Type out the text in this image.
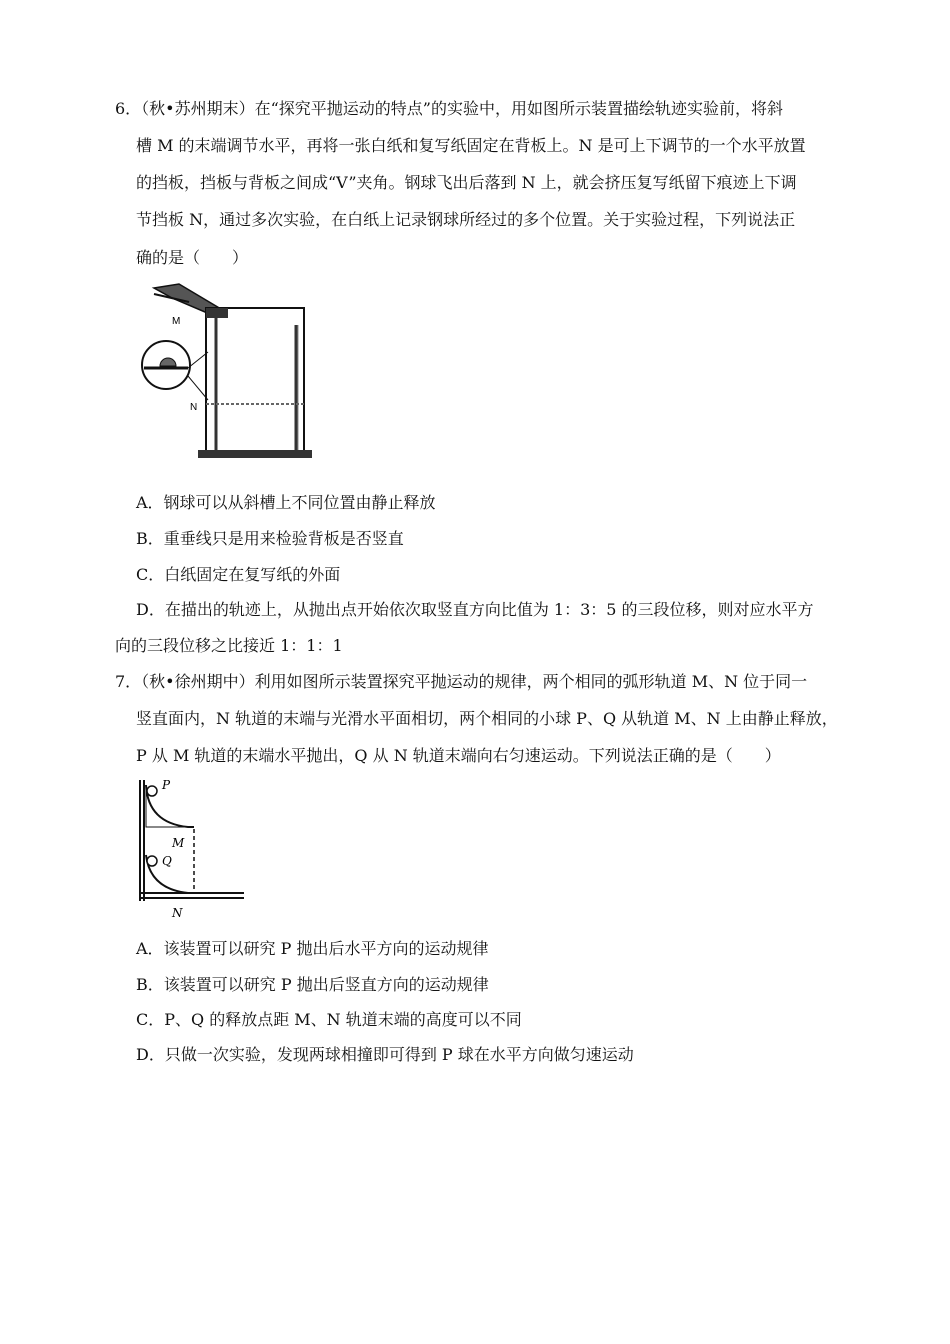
6．（秋•苏州期末）在“探究平抛运动的特点”的实验中，用如图所示装置描绘轨迹实验前，将斜
槽 M 的末端调节水平，再将一张白纸和复写纸固定在背板上。N 是可上下调节的一个水平放置
的挡板，挡板与背板之间成“V”夹角。钢球飞出后落到 N 上，就会挤压复写纸留下痕迹上下调
节挡板 N，通过多次实验，在白纸上记录钢球所经过的多个位置。关于实验过程，下列说法正
确的是（　　）
M
N
A．钢球可以从斜槽上不同位置由静止释放
B．重垂线只是用来检验背板是否竖直
C．白纸固定在复写纸的外面
D．在描出的轨迹上，从抛出点开始依次取竖直方向比值为 1：3：5 的三段位移，则对应水平方
向的三段位移之比接近 1：1：1
7．（秋•徐州期中）利用如图所示装置探究平抛运动的规律，两个相同的弧形轨道 M、N 位于同一
竖直面内，N 轨道的末端与光滑水平面相切，两个相同的小球 P、Q 从轨道 M、N 上由静止释放，
P 从 M 轨道的末端水平抛出，Q 从 N 轨道末端向右匀速运动。下列说法正确的是（　　）
P
M
Q
N
A．该装置可以研究 P 抛出后水平方向的运动规律
B．该装置可以研究 P 抛出后竖直方向的运动规律
C．P、Q 的释放点距 M、N 轨道末端的高度可以不同
D．只做一次实验，发现两球相撞即可得到 P 球在水平方向做匀速运动
